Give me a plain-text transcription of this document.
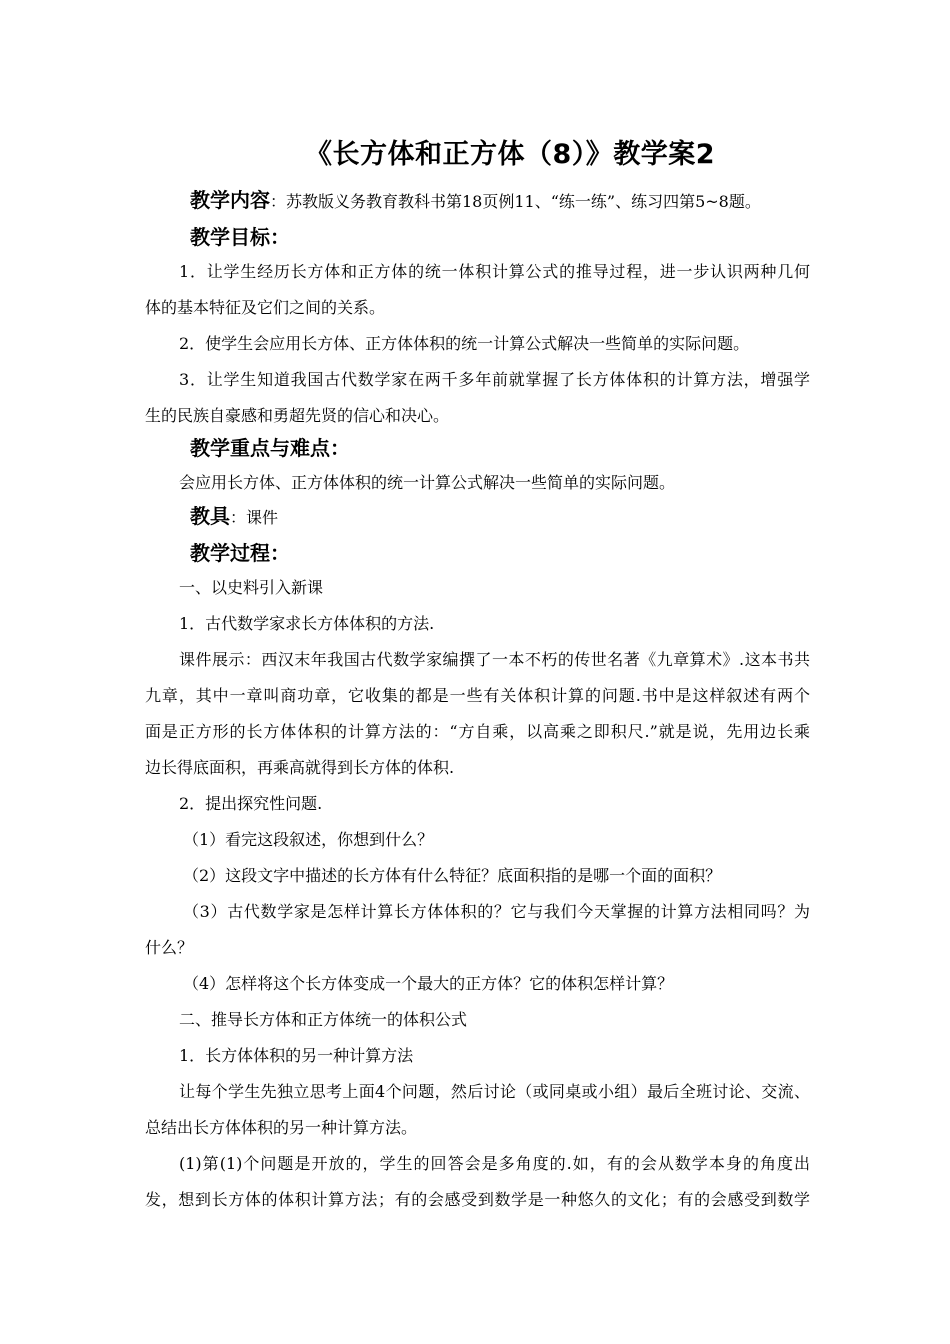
《长方体和正方体（8）》教学案2
教学内容：苏教版义务教育教科书第18页例11、“练一练”、练习四第5~8题。
教学目标：
1．让学生经历长方体和正方体的统一体积计算公式的推导过程，进一步认识两种几何
体的基本特征及它们之间的关系。
2．使学生会应用长方体、正方体体积的统一计算公式解决一些简单的实际问题。
3．让学生知道我国古代数学家在两千多年前就掌握了长方体体积的计算方法，增强学
生的民族自豪感和勇超先贤的信心和决心。
教学重点与难点：
会应用长方体、正方体体积的统一计算公式解决一些简单的实际问题。
教具：课件
教学过程：
一、以史料引入新课
1．古代数学家求长方体体积的方法.
课件展示：西汉末年我国古代数学家编撰了一本不朽的传世名著《九章算术》.这本书共
九章，其中一章叫商功章，它收集的都是一些有关体积计算的问题.书中是这样叙述有两个
面是正方形的长方体体积的计算方法的：“方自乘，以高乘之即积尺.”就是说，先用边长乘
边长得底面积，再乘高就得到长方体的体积.
2．提出探究性问题.
（1）看完这段叙述，你想到什么？
（2）这段文字中描述的长方体有什么特征？底面积指的是哪一个面的面积？
（3）古代数学家是怎样计算长方体体积的？它与我们今天掌握的计算方法相同吗？为
什么？
（4）怎样将这个长方体变成一个最大的正方体？它的体积怎样计算？
二、推导长方体和正方体统一的体积公式
1．长方体体积的另一种计算方法
让每个学生先独立思考上面4个问题，然后讨论（或同桌或小组）最后全班讨论、交流、
总结出长方体体积的另一种计算方法。
(1)第(1)个问题是开放的，学生的回答会是多角度的.如，有的会从数学本身的角度出
发，想到长方体的体积计算方法；有的会感受到数学是一种悠久的文化；有的会感受到数学
